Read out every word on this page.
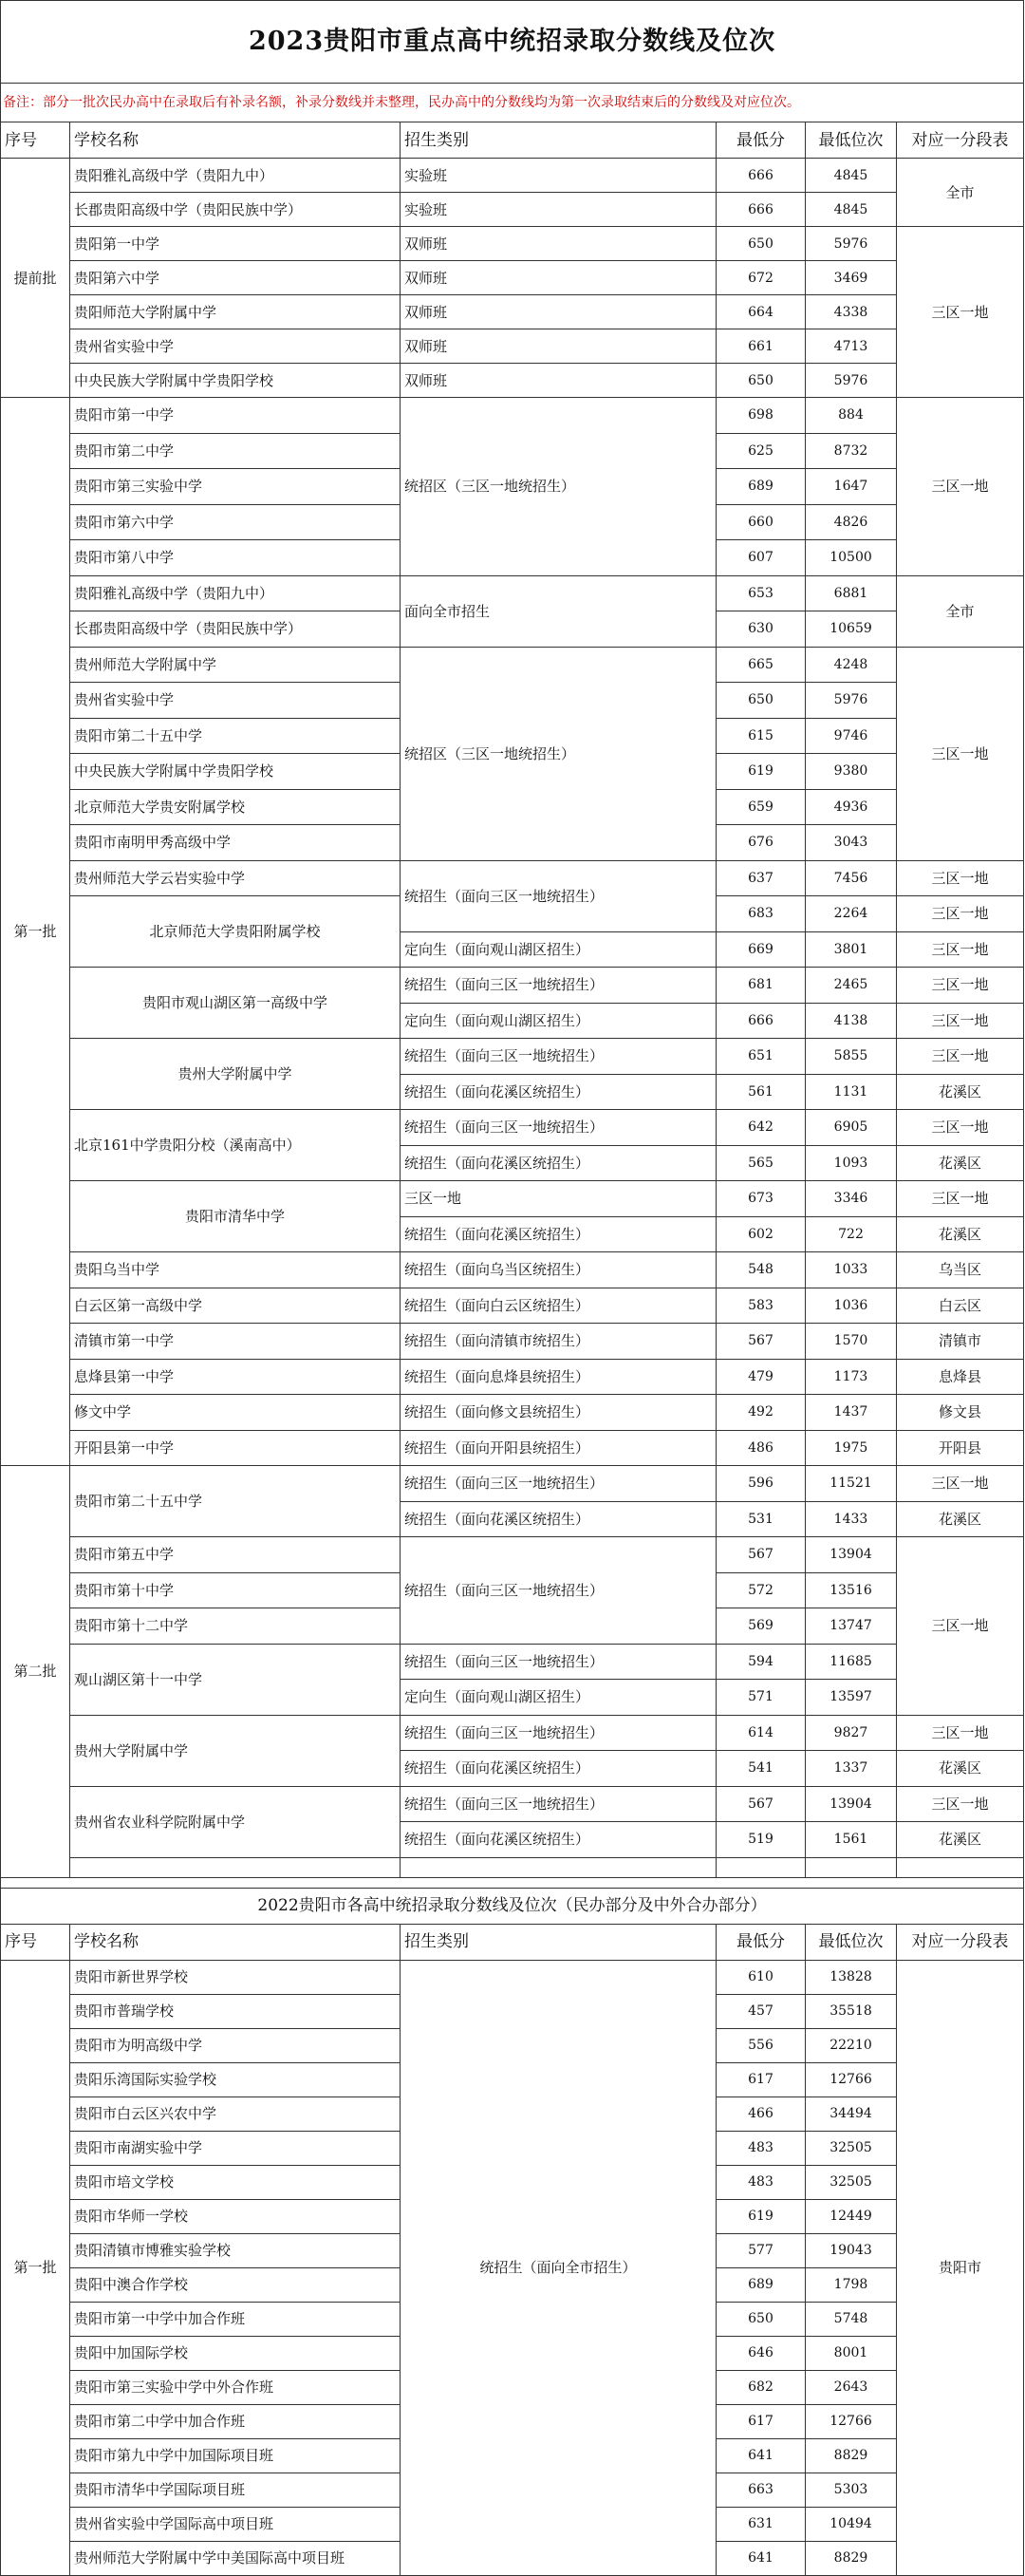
2023贵阳市重点高中统招录取分数线及位次					
备注：部分一批次民办高中在录取后有补录名额，补录分数线并未整理，民办高中的分数线均为第一次录取结束后的分数线及对应位次。					
序号	学校名称	招生类别	最低分	最低位次	对应一分段表
提前批	贵阳雅礼高级中学（贵阳九中）	实验班	666	4845	全市
	长郡贵阳高级中学（贵阳民族中学）	实验班	666	4845	
	贵阳第一中学	双师班	650	5976	三区一地
	贵阳第六中学	双师班	672	3469	
	贵阳师范大学附属中学	双师班	664	4338	
	贵州省实验中学	双师班	661	4713	
	中央民族大学附属中学贵阳学校	双师班	650	5976	
第一批	贵阳市第一中学	统招区（三区一地统招生）	698	884	三区一地
	贵阳市第二中学		625	8732	
	贵阳市第三实验中学		689	1647	
	贵阳市第六中学		660	4826	
	贵阳市第八中学		607	10500	
	贵阳雅礼高级中学（贵阳九中）	面向全市招生	653	6881	全市
	长郡贵阳高级中学（贵阳民族中学）		630	10659	
	贵州师范大学附属中学	统招区（三区一地统招生）	665	4248	三区一地
	贵州省实验中学		650	5976	
	贵阳市第二十五中学		615	9746	
	中央民族大学附属中学贵阳学校		619	9380	
	北京师范大学贵安附属学校		659	4936	
	贵阳市南明甲秀高级中学		676	3043	
	贵州师范大学云岩实验中学	统招生（面向三区一地统招生）	637	7456	三区一地
	北京师范大学贵阳附属学校		683	2264	三区一地
		定向生（面向观山湖区招生）	669	3801	三区一地
	贵阳市观山湖区第一高级中学	统招生（面向三区一地统招生）	681	2465	三区一地
		定向生（面向观山湖区招生）	666	4138	三区一地
	贵州大学附属中学	统招生（面向三区一地统招生）	651	5855	三区一地
		统招生（面向花溪区统招生）	561	1131	花溪区
	北京161中学贵阳分校（溪南高中）	统招生（面向三区一地统招生）	642	6905	三区一地
		统招生（面向花溪区统招生）	565	1093	花溪区
	贵阳市清华中学	三区一地	673	3346	三区一地
		统招生（面向花溪区统招生）	602	722	花溪区
	贵阳乌当中学	统招生（面向乌当区统招生）	548	1033	乌当区
	白云区第一高级中学	统招生（面向白云区统招生）	583	1036	白云区
	清镇市第一中学	统招生（面向清镇市统招生）	567	1570	清镇市
	息烽县第一中学	统招生（面向息烽县统招生）	479	1173	息烽县
	修文中学	统招生（面向修文县统招生）	492	1437	修文县
	开阳县第一中学	统招生（面向开阳县统招生）	486	1975	开阳县
第二批	贵阳市第二十五中学	统招生（面向三区一地统招生）	596	11521	三区一地
		统招生（面向花溪区统招生）	531	1433	花溪区
	贵阳市第五中学	统招生（面向三区一地统招生）	567	13904	三区一地
	贵阳市第十中学		572	13516	
	贵阳市第十二中学		569	13747	
	观山湖区第十一中学	统招生（面向三区一地统招生）	594	11685	
		定向生（面向观山湖区招生）	571	13597	
	贵州大学附属中学	统招生（面向三区一地统招生）	614	9827	三区一地
		统招生（面向花溪区统招生）	541	1337	花溪区
	贵州省农业科学院附属中学	统招生（面向三区一地统招生）	567	13904	三区一地
		统招生（面向花溪区统招生）	519	1561	花溪区

2022贵阳市各高中统招录取分数线及位次（民办部分及中外合办部分）					
序号	学校名称	招生类别	最低分	最低位次	对应一分段表
第一批	贵阳市新世界学校	统招生（面向全市招生）	610	13828	贵阳市
	贵阳市普瑞学校		457	35518	
	贵阳市为明高级中学		556	22210	
	贵阳乐湾国际实验学校		617	12766	
	贵阳市白云区兴农中学		466	34494	
	贵阳市南湖实验中学		483	32505	
	贵阳市培文学校		483	32505	
	贵阳市华师一学校		619	12449	
	贵阳清镇市博雅实验学校		577	19043	
	贵阳中澳合作学校		689	1798	
	贵阳市第一中学中加合作班		650	5748	
	贵阳中加国际学校		646	8001	
	贵阳市第三实验中学中外合作班		682	2643	
	贵阳市第二中学中加合作班		617	12766	
	贵阳市第九中学中加国际项目班		641	8829	
	贵阳市清华中学国际项目班		663	5303	
	贵州省实验中学国际高中项目班		631	10494	
	贵州师范大学附属中学中美国际高中项目班		641	8829	
